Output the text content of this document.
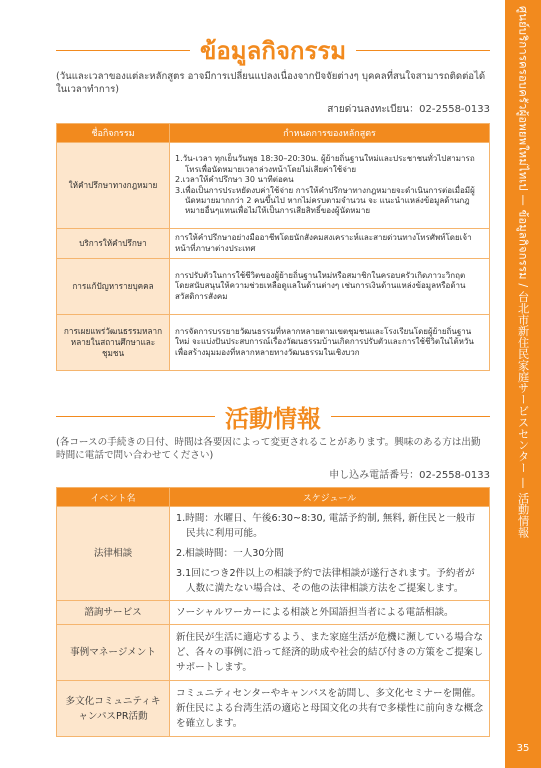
ศูนย์บริการครอบครัวผู้อพยพใหม่ไทเป — ข้อมูลกิจกรรม / 台北市新住民家庭サービスセンター — 活動情報
35
ข้อมูลกิจกรรม
(วันและเวลาของแต่ละหลักสูตร อาจมีการเปลี่ยนแปลงเนื่องจากปัจจัยต่างๆ บุคคลที่สนใจสามารถติดต่อได้ในเวลาทำการ)
สายด่วนลงทะเบียน：02-2558-0133
ชื่อกิจกรรม	กำหนดการของหลักสูตร
ให้คำปรึกษาทางกฎหมาย	1.วัน-เวลา ทุกเย็นวันพุธ 18:30–20:30น. ผู้ย้ายถิ่นฐานใหม่และประชาชนทั่วไปสามารถโทรเพื่อนัดหมายเวลาล่วงหน้าโดยไม่เสียค่าใช้จ่าย
2.เวลาให้คำปรึกษา 30 นาทีต่อคน
3.เพื่อเป็นการประหยัดงบค่าใช้จ่าย การให้คำปรึกษาทางกฎหมายจะดำเนินการต่อเมื่อมีผู้นัดหมายมากกว่า 2 คนขึ้นไป หากไม่ครบตามจำนวน จะ แนะนำแหล่งข้อมูลด้านกฎหมายอื่นๆแทนเพื่อไม่ให้เป็นการเสียสิทธิ์ของผู้นัดหมาย

บริการให้คำปรึกษา	การให้คำปรึกษาอย่างมืออาชีพโดยนักสังคมสงเคราะห์และสายด่วนทางโทรศัพท์โดยเจ้าหน้าที่ภาษาต่างประเทศ

การแก้ปัญหารายบุคคล	การปรับตัวในการใช้ชีวิตของผู้ย้ายถิ่นฐานใหม่หรือสมาชิกในครอบครัวเกิดภาวะวิกฤต
โดยสนับสนุนให้ความช่วยเหลือดูแลในด้านต่างๆ เช่นการเงินด้านแหล่งข้อมูลหรือด้านสวัสดิการสังคม

การเผยแพร่วัฒนธรรมหลากหลายในสถานศึกษาและชุมชน	การจัดการบรรยายวัฒนธรรมที่หลากหลายตามเขตชุมชนและโรงเรียนโดยผู้ย้ายถิ่นฐานใหม่ จะแบ่งปันประสบการณ์เรื่องวัฒนธรรมบ้านเกิดการปรับตัวและการใช้ชีวิตในไต้หวันเพื่อสร้างมุมมองที่หลากหลายทางวัฒนธรรมในเชิงบวก
活動情報
(各コースの手続きの日付、時間は各要因によって変更されることがあります。興味のある方は出勤時間に電話で問い合わせてください)
申し込み電話番号：02-2558-0133
イベント名	スケジュール
法律相談	1.時間：水曜日、午後6:30~8:30, 電話予約制, 無料, 新住民と一般市民共に利用可能。
2.相談時間：一人30分間
3.1回につき2件以上の相談予約で法律相談が遂行されます。予約者が人数に満たない場合は、その他の法律相談方法をご提案します。

諮詢サービス	ソーシャルワーカーによる相談と外国語担当者による電話相談。

事例マネージメント	新住民が生活に適応するよう、また家庭生活が危機に瀕している場合など、各々の事例に沿って経済的助成や社会的結び付きの方策をご提案しサポートします。

多文化コミュニティキャンパスPR活動	コミュニティセンターやキャンパスを訪問し、多文化セミナーを開催。新住民による台湾生活の適応と母国文化の共有で多様性に前向きな概念を確立します。
